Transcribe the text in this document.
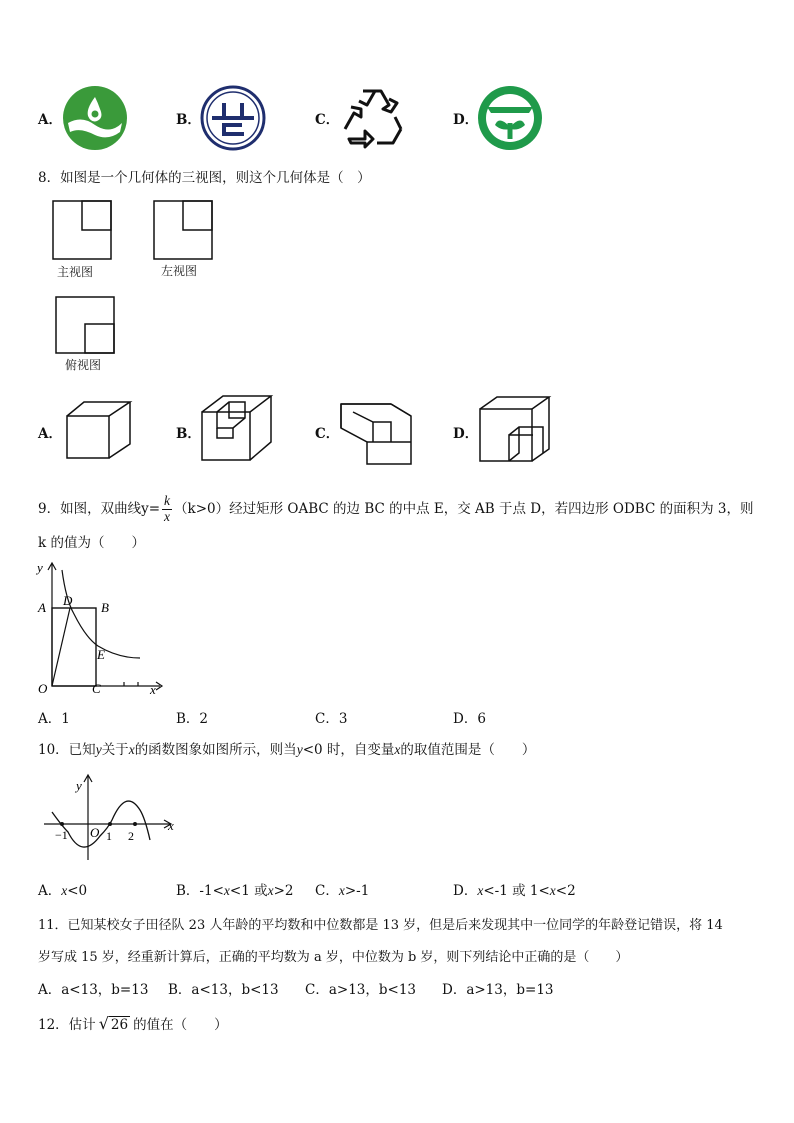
A．	B．	C．	D．
8．如图是一个几何体的三视图，则这个几何体是（　）
主视图	左视图
俯视图
A．	B．	C．	D．
9．如图，双曲线$y= \frac{k}{x} (k>0)$经过矩形 OABC 的边 BC 的中点 E，交 AB 于点 D，若四边形 ODBC 的面积为 3，则
k 的值为（　　）
y
x
A D B
E
O	C
A．1	B．2	C．3	D．6
10．已知y关于x的函数图象如图所示，则当y<0 时，自变量x的取值范围是（　　）
y
x
−1 O 1 2
A．x<0	B．-1<x<1 或x>2 C．x>-1	D．x<-1 或 1<x<2
11．已知某校女子田径队 23 人年龄的平均数和中位数都是 13 岁，但是后来发现其中一位同学的年龄登记错误，将 14
岁写成 15 岁，经重新计算后，正确的平均数为 a 岁，中位数为 b 岁，则下列结论中正确的是（　　）
A．a<13，b=13 B．a<13，b<13 C．a>13，b<13 D．a>13，b=13
12．估计 √ 26 的值在（　　）
